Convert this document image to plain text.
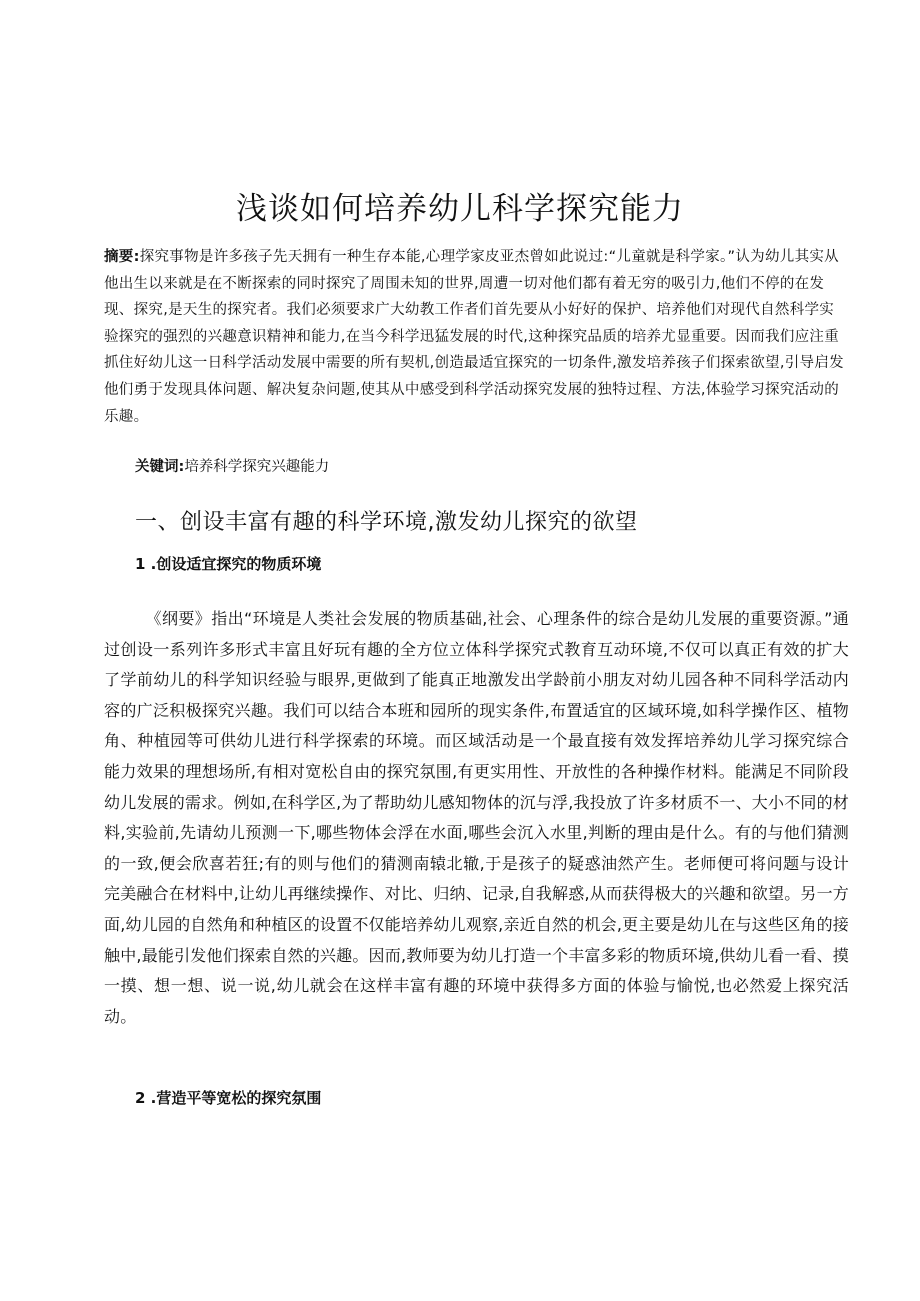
浅谈如何培养幼儿科学探究能力

摘要:探究事物是许多孩子先天拥有一种生存本能,心理学家皮亚杰曾如此说过:“儿童就是科学家。”认为幼儿其实从他出生以来就是在不断探索的同时探究了周围未知的世界,周遭一切对他们都有着无穷的吸引力,他们不停的在发现、探究,是天生的探究者。我们必须要求广大幼教工作者们首先要从小好好的保护、培养他们对现代自然科学实验探究的强烈的兴趣意识精神和能力,在当今科学迅猛发展的时代,这种探究品质的培养尤显重要。因而我们应注重抓住好幼儿这一日科学活动发展中需要的所有契机,创造最适宜探究的一切条件,激发培养孩子们探索欲望,引导启发他们勇于发现具体问题、解决复杂问题,使其从中感受到科学活动探究发展的独特过程、方法,体验学习探究活动的乐趣。

关键词:培养科学探究兴趣能力

一、创设丰富有趣的科学环境,激发幼儿探究的欲望
1 .创设适宜探究的物质环境

《纲要》指出“环境是人类社会发展的物质基础,社会、心理条件的综合是幼儿发展的重要资源。”通过创设一系列许多形式丰富且好玩有趣的全方位立体科学探究式教育互动环境,不仅可以真正有效的扩大了学前幼儿的科学知识经验与眼界,更做到了能真正地激发出学龄前小朋友对幼儿园各种不同科学活动内容的广泛积极探究兴趣。我们可以结合本班和园所的现实条件,布置适宜的区域环境,如科学操作区、植物角、种植园等可供幼儿进行科学探索的环境。而区域活动是一个最直接有效发挥培养幼儿学习探究综合能力效果的理想场所,有相对宽松自由的探究氛围,有更实用性、开放性的各种操作材料。能满足不同阶段幼儿发展的需求。例如,在科学区,为了帮助幼儿感知物体的沉与浮,我投放了许多材质不一、大小不同的材料,实验前,先请幼儿预测一下,哪些物体会浮在水面,哪些会沉入水里,判断的理由是什么。有的与他们猜测的一致,便会欣喜若狂;有的则与他们的猜测南辕北辙,于是孩子的疑惑油然产生。老师便可将问题与设计完美融合在材料中,让幼儿再继续操作、对比、归纳、记录,自我解惑,从而获得极大的兴趣和欲望。另一方面,幼儿园的自然角和种植区的设置不仅能培养幼儿观察,亲近自然的机会,更主要是幼儿在与这些区角的接触中,最能引发他们探索自然的兴趣。因而,教师要为幼儿打造一个丰富多彩的物质环境,供幼儿看一看、摸一摸、想一想、说一说,幼儿就会在这样丰富有趣的环境中获得多方面的体验与愉悦,也必然爱上探究活动。

2 .营造平等宽松的探究氛围
